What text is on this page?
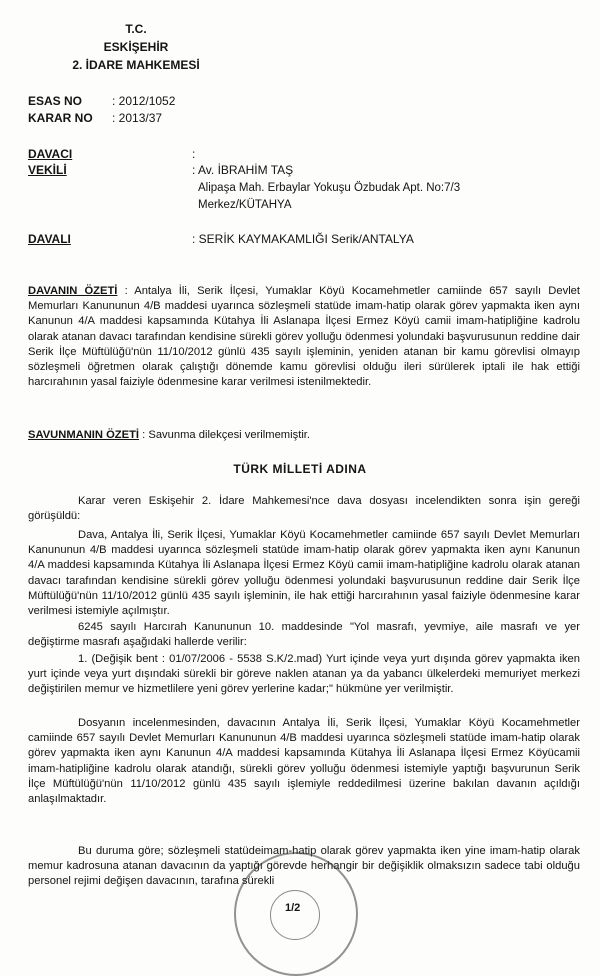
T.C.
ESKİŞEHİR
2. İDARE MAHKEMESİ
ESAS NO : 2012/1052
KARAR NO : 2013/37
DAVACI	:
VEKİLİ	: Av. İBRAHİM TAŞ
Alipaşa Mah. Erbaylar Yokuşu Özbudak Apt. No:7/3
Merkez/KÜTAHYA
DAVALI	: SERİK KAYMAKAMLIĞI Serik/ANTALYA

DAVANIN ÖZETİ : Antalya İli, Serik İlçesi, Yumaklar Köyü Kocamehmetler camiinde 657 sayılı Devlet Memurları Kanununun 4/B maddesi uyarınca sözleşmeli statüde imam-hatip olarak görev yapmakta iken aynı Kanunun 4/A maddesi kapsamında Kütahya İli Aslanapa İlçesi Ermez Köyü camii imam-hatipliğine kadrolu olarak atanan davacı tarafından kendisine sürekli görev yolluğu ödenmesi yolundaki başvurusunun reddine dair Serik İlçe Müftülüğü'nün 11/10/2012 günlü 435 sayılı işleminin, yeniden atanan bir kamu görevlisi olmayıp sözleşmeli öğretmen olarak çalıştığı dönemde kamu görevlisi olduğu ileri sürülerek iptali ile hak ettiği harcırahının yasal faiziyle ödenmesine karar verilmesi istenilmektedir.

SAVUNMANIN ÖZETİ : Savunma dilekçesi verilmemiştir.

TÜRK MİLLETİ ADINA

Karar veren Eskişehir 2. İdare Mahkemesi'nce dava dosyası incelendikten sonra işin gereği görüşüldü:

Dava, Antalya İli, Serik İlçesi, Yumaklar Köyü Kocamehmetler camiinde 657 sayılı Devlet Memurları Kanununun 4/B maddesi uyarınca sözleşmeli statüde imam-hatip olarak görev yapmakta iken aynı Kanunun 4/A maddesi kapsamında Kütahya İli Aslanapa İlçesi Ermez Köyü camii imam-hatipliğine kadrolu olarak atanan davacı tarafından kendisine sürekli görev yolluğu ödenmesi yolundaki başvurusunun reddine dair Serik İlçe Müftülüğü'nün 11/10/2012 günlü 435 sayılı işleminin, ile hak ettiği harcırahının yasal faiziyle ödenmesine karar verilmesi istemiyle açılmıştır.

6245 sayılı Harcırah Kanununun 10. maddesinde "Yol masrafı, yevmiye, aile masrafı ve yer değiştirme masrafı aşağıdaki hallerde verilir:

1. (Değişik bent : 01/07/2006 - 5538 S.K/2.mad) Yurt içinde veya yurt dışında görev yapmakta iken yurt içinde veya yurt dışındaki sürekli bir göreve naklen atanan ya da yabancı ülkelerdeki memuriyet merkezi değiştirilen memur ve hizmetlilere yeni görev yerlerine kadar;" hükmüne yer verilmiştir.

Dosyanın incelenmesinden, davacının Antalya İli, Serik İlçesi, Yumaklar Köyü Kocamehmetler camiinde 657 sayılı Devlet Memurları Kanununun 4/B maddesi uyarınca sözleşmeli statüde imam-hatip olarak görev yapmakta iken aynı Kanunun 4/A maddesi kapsamında Kütahya İli Aslanapa İlçesi Ermez Köyücamii imam-hatipliğine kadrolu olarak atandığı, sürekli görev yolluğu ödenmesi istemiyle yaptığı başvurunun Serik İlçe Müftülüğü'nün 11/10/2012 günlü 435 sayılı işlemiyle reddedilmesi üzerine bakılan davanın açıldığı anlaşılmaktadır.

Bu duruma göre; sözleşmeli statüdeimam-hatip olarak görev yapmakta iken yine imam-hatip olarak memur kadrosuna atanan davacının da yaptığı görevde herhangir bir değişiklik olmaksızın sadece tabi olduğu personel rejimi değişen davacının, tarafına sürekli

1/2
